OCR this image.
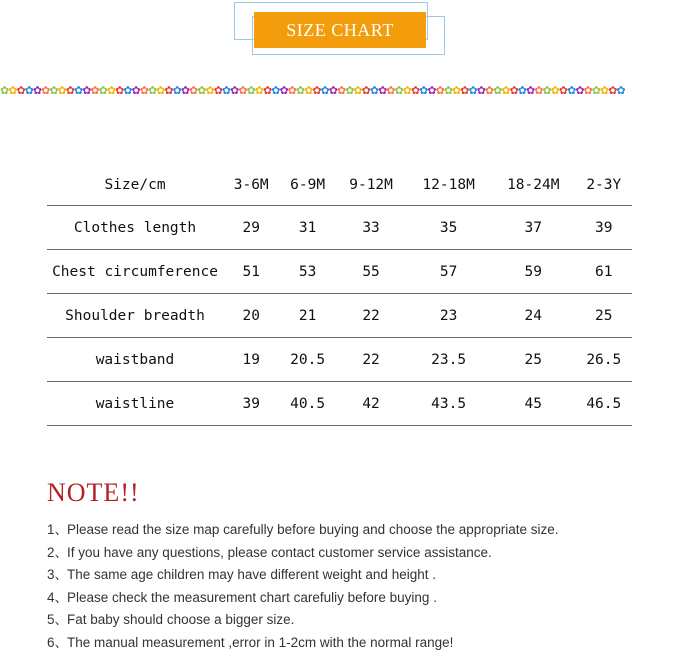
SIZE CHART
✿✿✿✿✿✿✿✿✿✿✿✿✿✿✿✿✿✿✿✿✿✿✿✿✿✿✿✿✿✿✿✿✿✿✿✿✿✿✿✿✿✿✿✿✿✿✿✿✿✿✿✿✿✿✿✿✿✿✿✿✿✿✿✿✿✿✿✿✿✿✿✿✿✿✿✿
Size/cm	3-6M	6-9M	9-12M	12-18M	18-24M	2-3Y
Clothes length	29	31	33	35	37	39
Chest circumference	51	53	55	57	59	61
Shoulder breadth	20	21	22	23	24	25
waistband	19	20.5	22	23.5	25	26.5
waistline	39	40.5	42	43.5	45	46.5
NOTE!!
1、Please read the size map carefully before buying and choose the appropriate size.
2、If you have any questions, please contact customer service assistance.
3、The same age children may have different weight and height .
4、Please check the measurement chart carefuliy before buying .
5、Fat baby should choose a bigger size.
6、The manual measurement ,error in 1-2cm with the normal range!
